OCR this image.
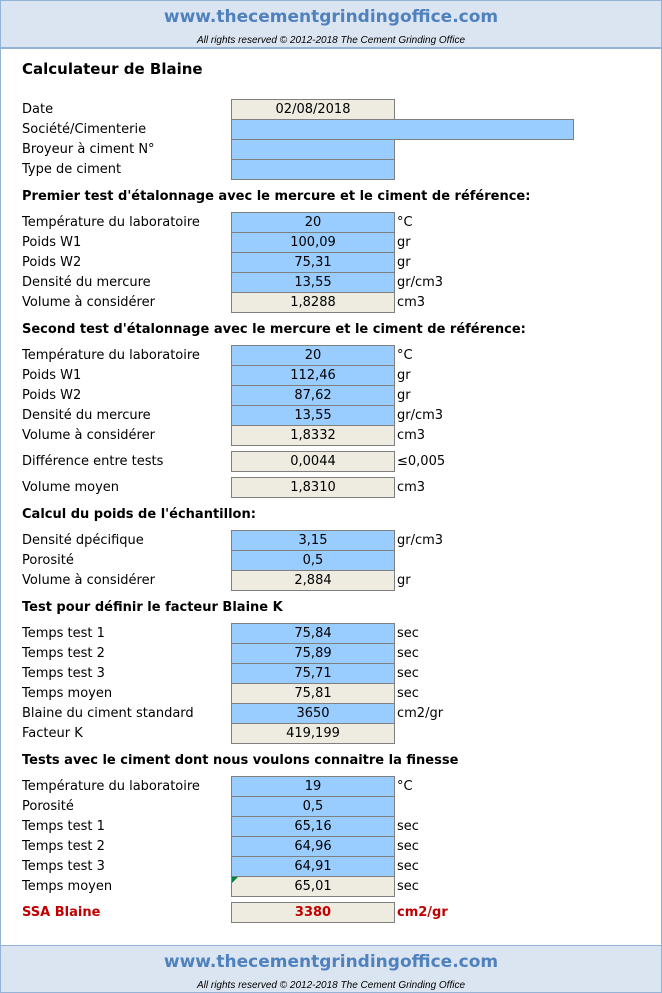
www.thecementgrindingoffice.com
All rights reserved © 2012-2018 The Cement Grinding Office
Calculateur de Blaine
Date	02/08/2018
Société/Cimenterie
Broyeur à ciment N°
Type de ciment
Premier test d'étalonnage avec le mercure et le ciment de référence:
Température du laboratoire	20	°C
Poids W1	100,09	gr
Poids W2	75,31	gr
Densité du mercure	13,55	gr/cm3
Volume à considérer	1,8288	cm3
Second test d'étalonnage avec le mercure et le ciment de référence:
Température du laboratoire	20	°C
Poids W1	112,46	gr
Poids W2	87,62	gr
Densité du mercure	13,55	gr/cm3
Volume à considérer	1,8332	cm3
Différence entre tests	0,0044	≤0,005
Volume moyen	1,8310	cm3
Calcul du poids de l'échantillon:
Densité dpécifique	3,15	gr/cm3
Porosité	0,5
Volume à considérer	2,884	gr
Test pour définir le facteur Blaine K
Temps test 1	75,84	sec
Temps test 2	75,89	sec
Temps test 3	75,71	sec
Temps moyen	75,81	sec
Blaine du ciment standard	3650	cm2/gr
Facteur K	419,199
Tests avec le ciment dont nous voulons connaitre la finesse
Température du laboratoire	19	°C
Porosité	0,5
Temps test 1	65,16	sec
Temps test 2	64,96	sec
Temps test 3	64,91	sec
Temps moyen	65,01	sec
SSA Blaine	3380	cm2/gr
www.thecementgrindingoffice.com
All rights reserved © 2012-2018 The Cement Grinding Office
